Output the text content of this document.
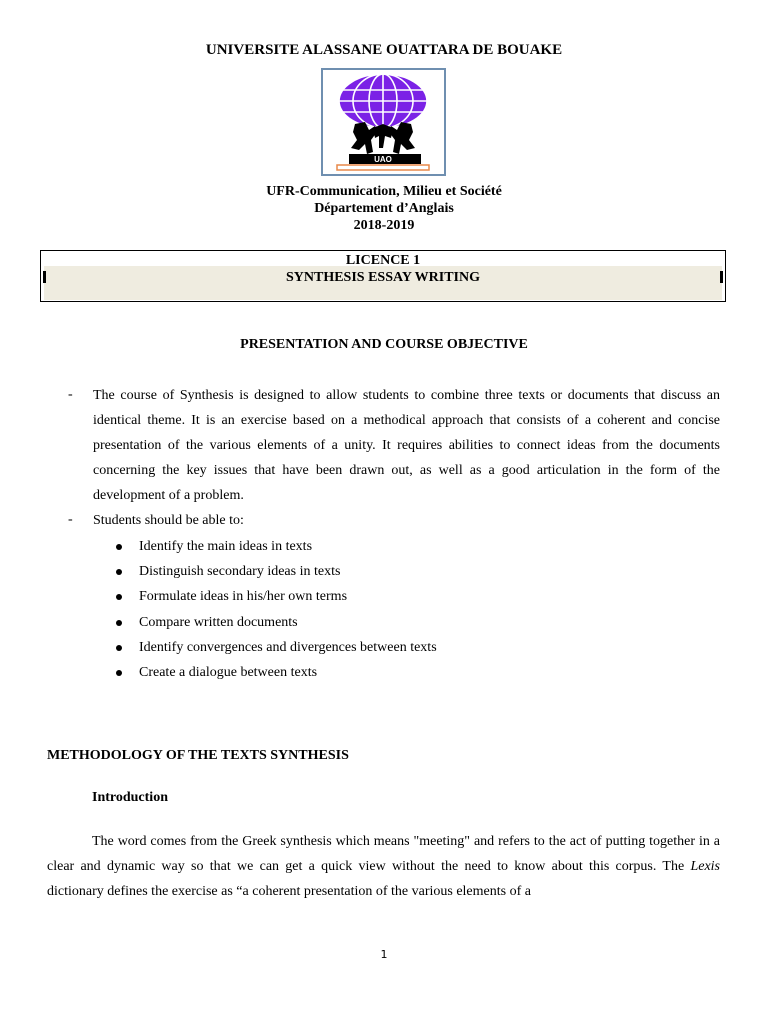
UNIVERSITE ALASSANE OUATTARA DE BOUAKE
UAO
UFR-Communication, Milieu et Société
Département d’Anglais
2018-2019
LICENCE 1
SYNTHESIS ESSAY WRITING
PRESENTATION AND COURSE OBJECTIVE
- The course of Synthesis is designed to allow students to combine three texts or documents that discuss an identical theme. It is an exercise based on a methodical approach that consists of a coherent and concise presentation of the various elements of a unity. It requires abilities to connect ideas from the documents concerning the key issues that have been drawn out, as well as a good articulation in the form of the development of a problem.
- Students should be able to:
Identify the main ideas in texts
Distinguish secondary ideas in texts
Formulate ideas in his/her own terms
Compare written documents
Identify convergences and divergences between texts
Create a dialogue between texts
METHODOLOGY OF THE TEXTS SYNTHESIS
Introduction
The word comes from the Greek synthesis which means "meeting" and refers to the act of putting together in a clear and dynamic way so that we can get a quick view without the need to know about this corpus. The Lexis dictionary defines the exercise as “a coherent presentation of the various elements of a
1
